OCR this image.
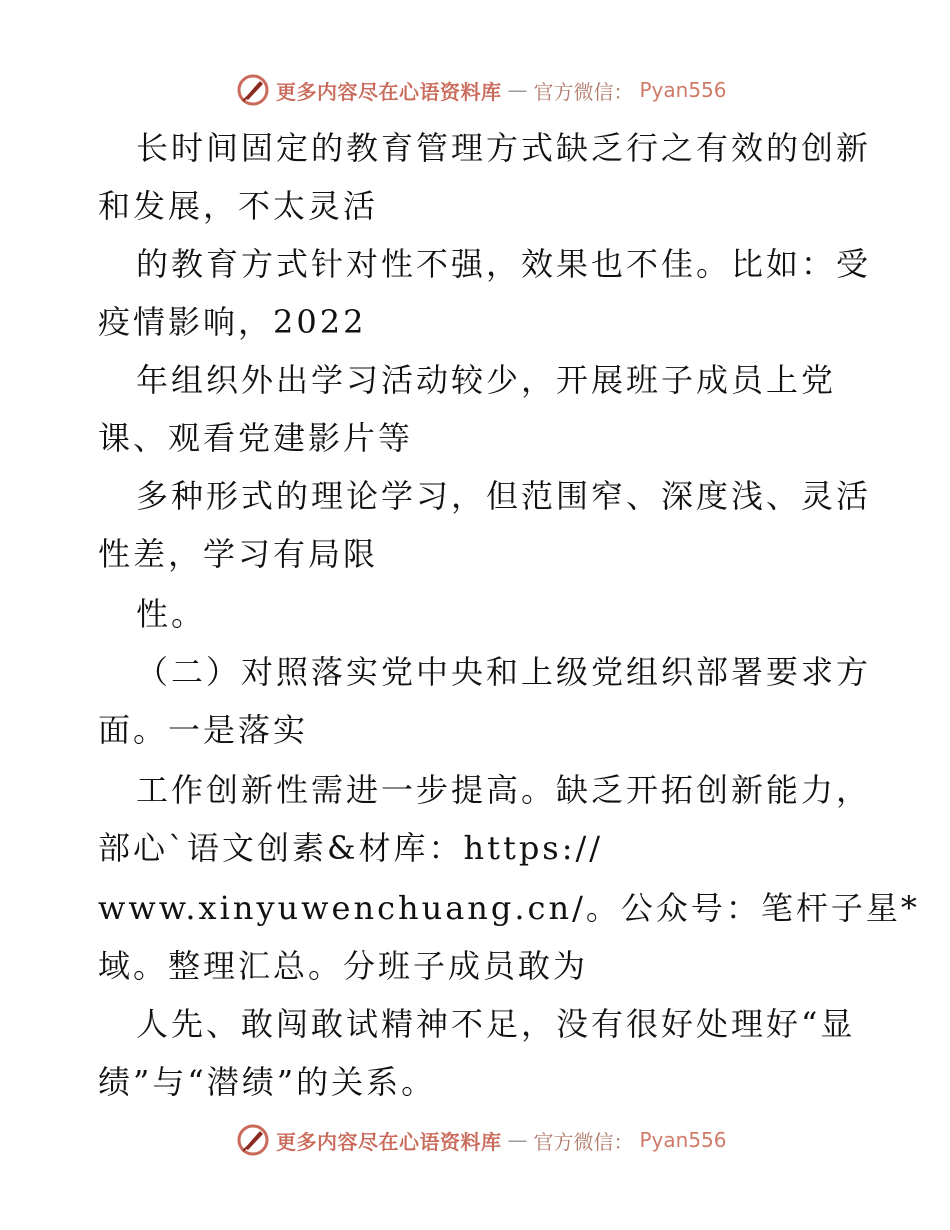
更多内容尽在心语资料库 — 官方微信： Pyan556
长时间固定的教育管理方式缺乏行之有效的创新
和发展，不太灵活
的教育方式针对性不强，效果也不佳。比如：受
疫情影响，2022
年组织外出学习活动较少，开展班子成员上党
课、观看党建影片等
多种形式的理论学习，但范围窄、深度浅、灵活
性差，学习有局限
性。
（二）对照落实党中央和上级党组织部署要求方
面。一是落实
工作创新性需进一步提高。缺乏开拓创新能力，
部心`语文创素&材库：https://
www.xinyuwenchuang.cn/。公众号：笔杆子星*
域。整理汇总。分班子成员敢为
人先、敢闯敢试精神不足，没有很好处理好“显
绩”与“潜绩”的关系。
更多内容尽在心语资料库 — 官方微信： Pyan556
